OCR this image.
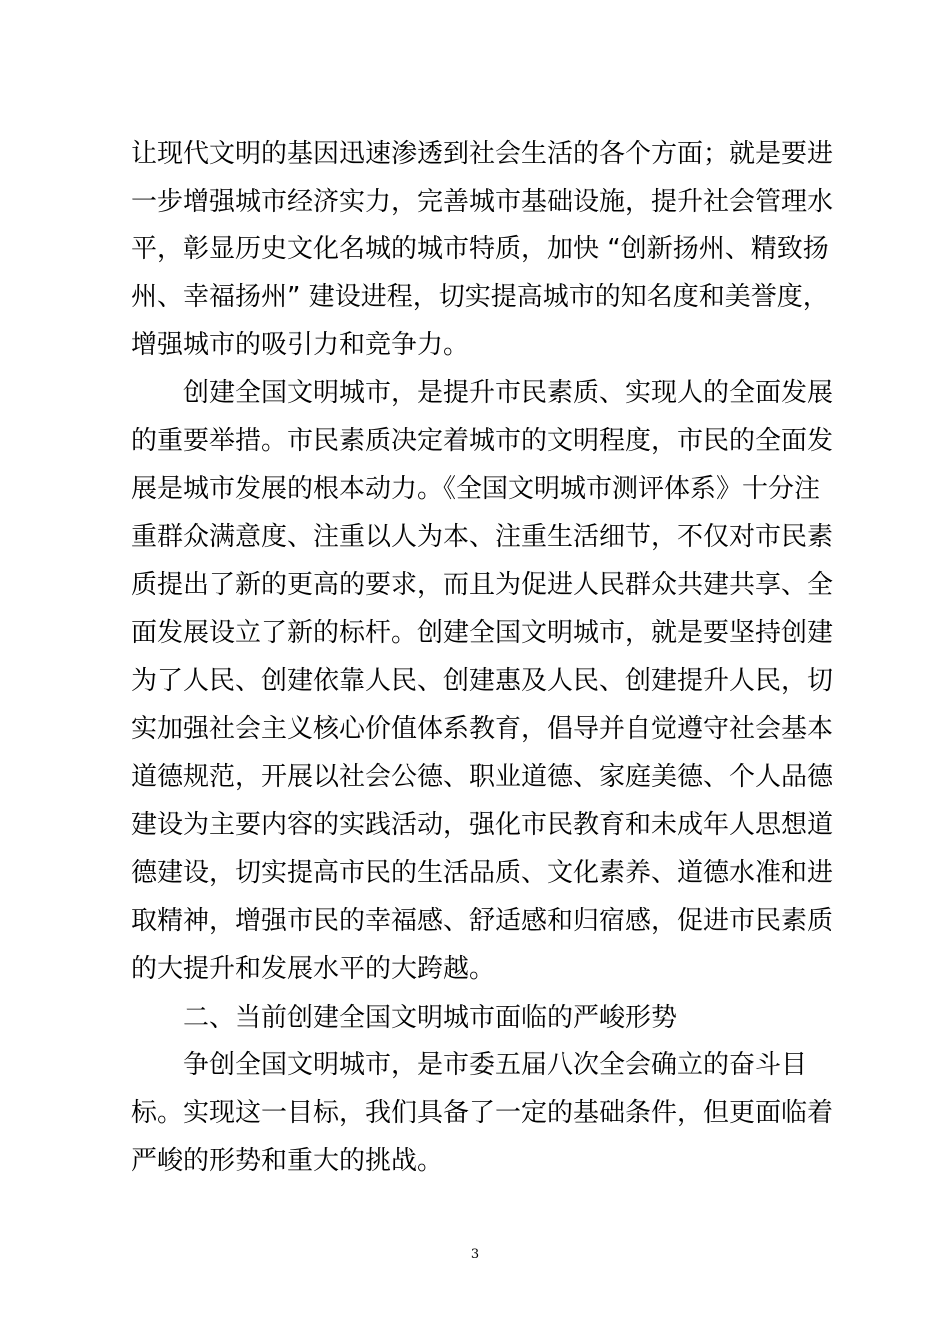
让现代文明的基因迅速渗透到社会生活的各个方面；就是要进
一步增强城市经济实力，完善城市基础设施，提升社会管理水
平，彰显历史文化名城的城市特质，加快 “创新扬州、精致扬
州、幸福扬州” 建设进程，切实提高城市的知名度和美誉度，
增强城市的吸引力和竞争力。
创建全国文明城市，是提升市民素质、实现人的全面发展
的重要举措。市民素质决定着城市的文明程度，市民的全面发
展是城市发展的根本动力。《全国文明城市测评体系》十分注
重群众满意度、注重以人为本、注重生活细节，不仅对市民素
质提出了新的更高的要求，而且为促进人民群众共建共享、全
面发展设立了新的标杆。创建全国文明城市，就是要坚持创建
为了人民、创建依靠人民、创建惠及人民、创建提升人民，切
实加强社会主义核心价值体系教育，倡导并自觉遵守社会基本
道德规范，开展以社会公德、职业道德、家庭美德、个人品德
建设为主要内容的实践活动，强化市民教育和未成年人思想道
德建设，切实提高市民的生活品质、文化素养、道德水准和进
取精神，增强市民的幸福感、舒适感和归宿感，促进市民素质
的大提升和发展水平的大跨越。
二、当前创建全国文明城市面临的严峻形势
争创全国文明城市，是市委五届八次全会确立的奋斗目
标。实现这一目标，我们具备了一定的基础条件，但更面临着
严峻的形势和重大的挑战。
3
